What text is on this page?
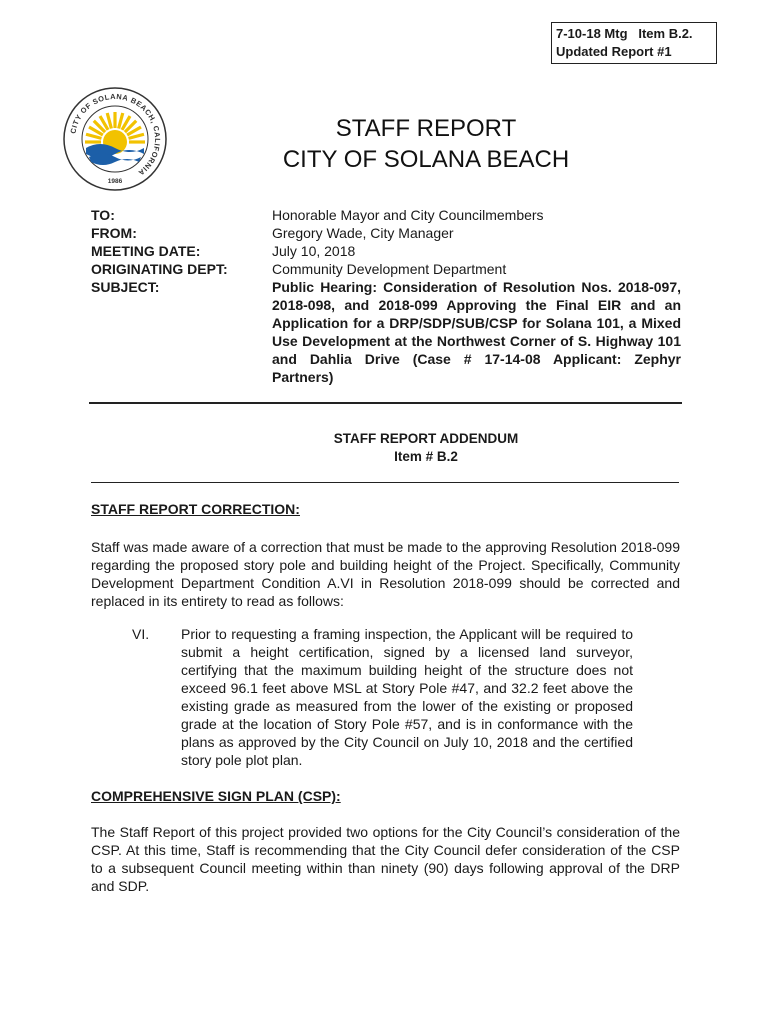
7-10-18 Mtg   Item B.2.
Updated Report #1
CITY OF SOLANA BEACH, CALIFORNIA
1986
STAFF REPORT
CITY OF SOLANA BEACH
TO:	Honorable Mayor and City Councilmembers
FROM:	Gregory Wade, City Manager
MEETING DATE:	July 10, 2018
ORIGINATING DEPT:	Community Development Department
SUBJECT:	Public Hearing: Consideration of Resolution Nos. 2018-097, 2018-098, and 2018-099 Approving the Final EIR and an Application for a DRP/SDP/SUB/CSP for Solana 101, a Mixed Use Development at the Northwest Corner of S. Highway 101 and Dahlia Drive (Case # 17-14-08 Applicant: Zephyr Partners)
STAFF REPORT ADDENDUM
Item # B.2
STAFF REPORT CORRECTION:
Staff was made aware of a correction that must be made to the approving Resolution 2018-099 regarding the proposed story pole and building height of the Project. Specifically, Community Development Department Condition A.VI in Resolution 2018-099 should be corrected and replaced in its entirety to read as follows:
VI. Prior to requesting a framing inspection, the Applicant will be required to submit a height certification, signed by a licensed land surveyor, certifying that the maximum building height of the structure does not exceed 96.1 feet above MSL at Story Pole #47, and 32.2 feet above the existing grade as measured from the lower of the existing or proposed grade at the location of Story Pole #57, and is in conformance with the plans as approved by the City Council on July 10, 2018 and the certified story pole plot plan.
COMPREHENSIVE SIGN PLAN (CSP):
The Staff Report of this project provided two options for the City Council’s consideration of the CSP. At this time, Staff is recommending that the City Council defer consideration of the CSP to a subsequent Council meeting within than ninety (90) days following approval of the DRP and SDP.
